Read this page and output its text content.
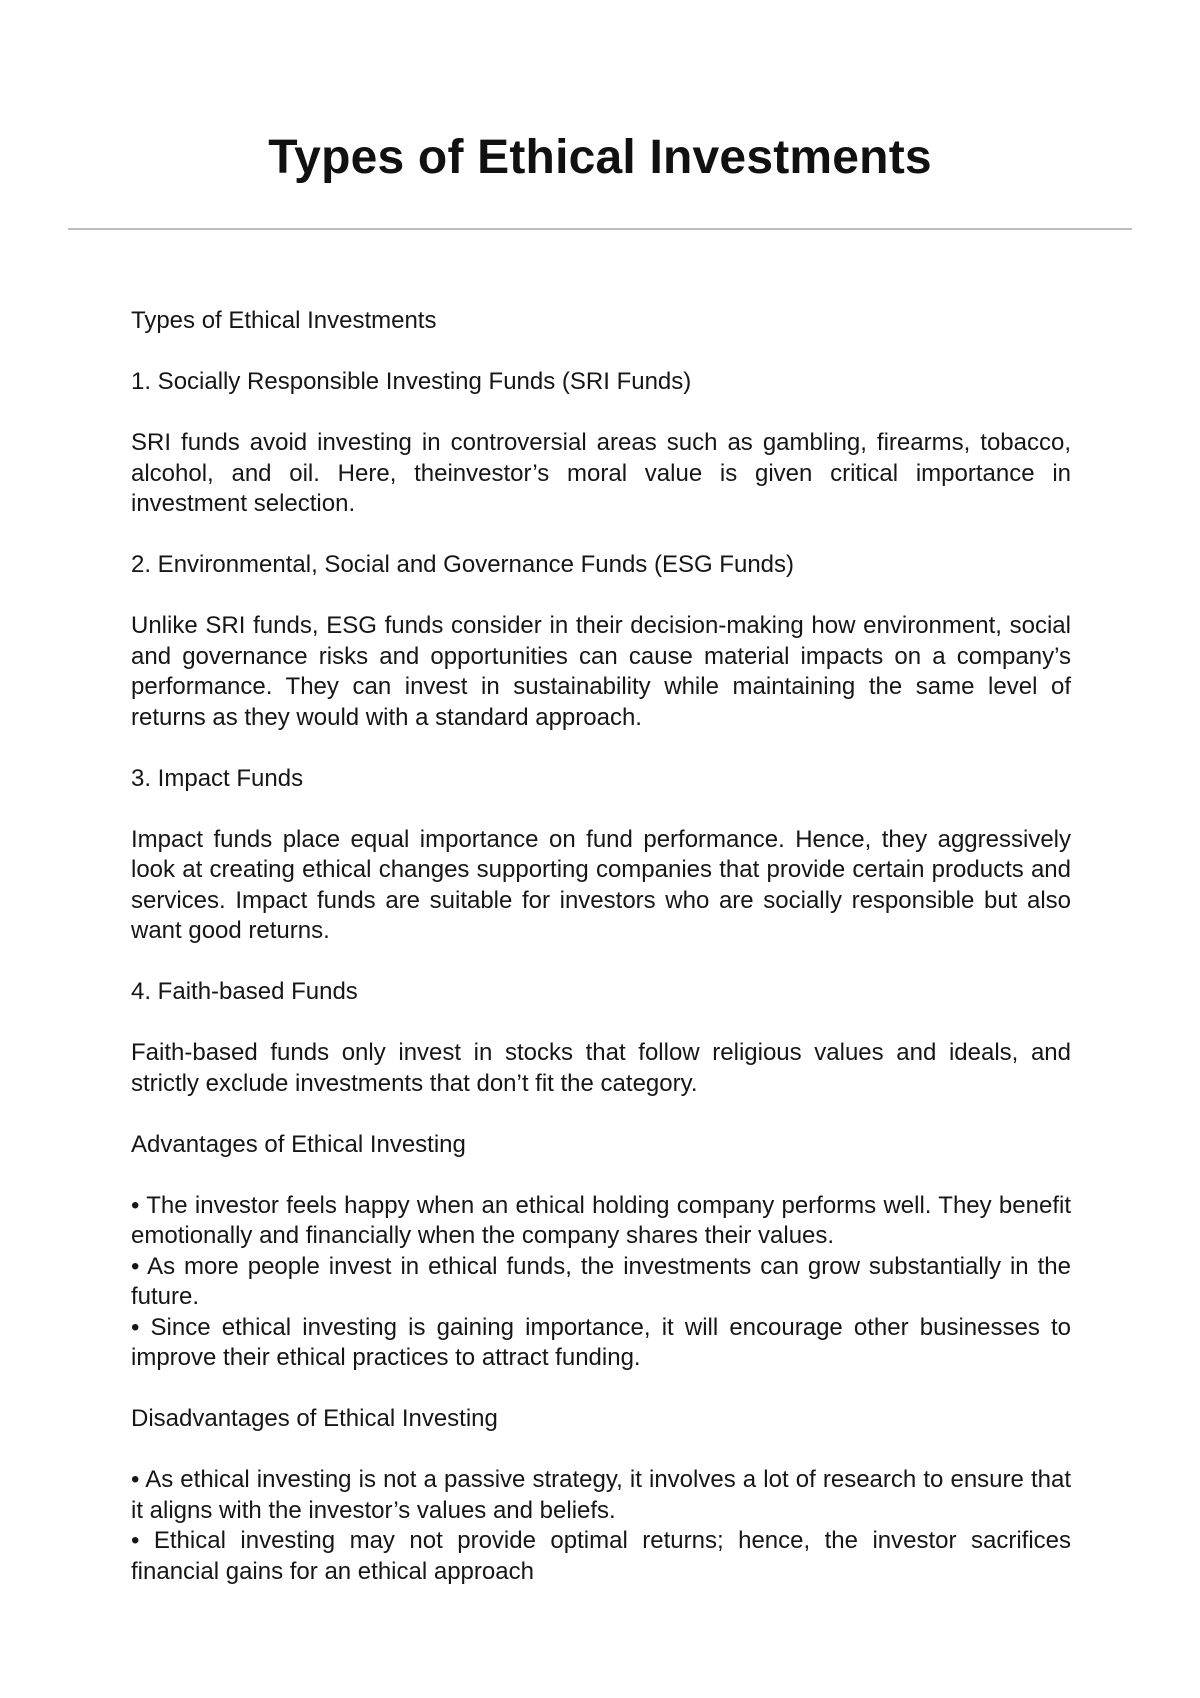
Types of Ethical Investments
Types of Ethical Investments
1. Socially Responsible Investing Funds (SRI Funds)
SRI funds avoid investing in controversial areas such as gambling, firearms, tobacco, alcohol, and oil. Here, theinvestor’s moral value is given critical importance in investment selection.
2. Environmental, Social and Governance Funds (ESG Funds)
Unlike SRI funds, ESG funds consider in their decision-making how environment, social and governance risks and opportunities can cause material impacts on a company’s performance. They can invest in sustainability while maintaining the same level of returns as they would with a standard approach.
3. Impact Funds
Impact funds place equal importance on fund performance. Hence, they aggressively look at creating ethical changes supporting companies that provide certain products and services. Impact funds are suitable for investors who are socially responsible but also want good returns.
4. Faith-based Funds
Faith-based funds only invest in stocks that follow religious values and ideals, and strictly exclude investments that don’t fit the category.
Advantages of Ethical Investing
• The investor feels happy when an ethical holding company performs well. They benefit emotionally and financially when the company shares their values.
• As more people invest in ethical funds, the investments can grow substantially in the future.
• Since ethical investing is gaining importance, it will encourage other businesses to improve their ethical practices to attract funding.
Disadvantages of Ethical Investing
• As ethical investing is not a passive strategy, it involves a lot of research to ensure that it aligns with the investor’s values and beliefs.
• Ethical investing may not provide optimal returns; hence, the investor sacrifices financial gains for an ethical approach
